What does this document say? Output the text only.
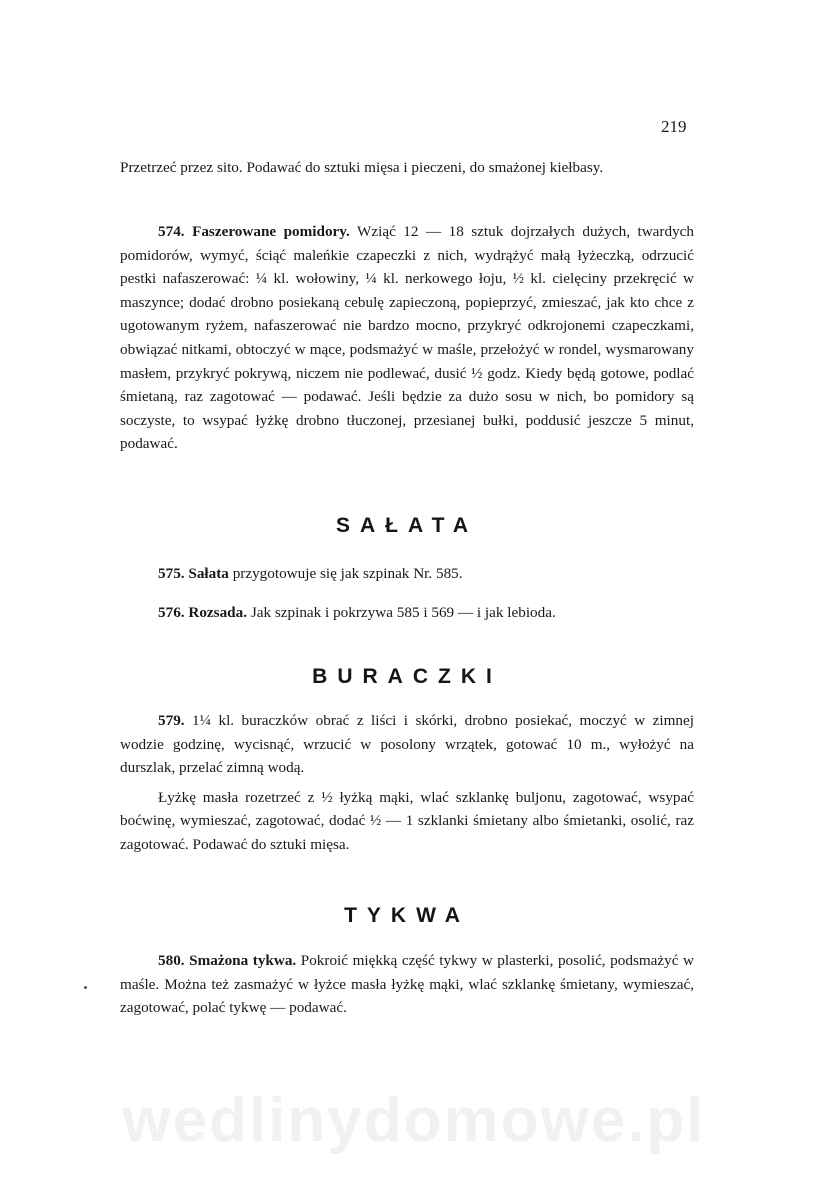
219

Przetrzeć przez sito. Podawać do sztuki mięsa i pieczeni, do smażonej kiełbasy.

574. Faszerowane pomidory. Wziąć 12 — 18 sztuk dojrzałych dużych, twardych pomidorów, wymyć, ściąć maleńkie czapeczki z nich, wydrążyć małą łyżeczką, odrzucić pestki nafaszerować: ¼ kl. wołowiny, ¼ kl. nerkowego łoju, ½ kl. cielęciny przekręcić w maszynce; dodać drobno posiekaną cebulę zapieczoną, popieprzyć, zmieszać, jak kto chce z ugotowanym ryżem, nafaszerować nie bardzo mocno, przykryć odkrojonemi czapeczkami, obwiązać nitkami, obtoczyć w mące, podsmażyć w maśle, przełożyć w rondel, wysmarowany masłem, przykryć pokrywą, niczem nie podlewać, dusić ½ godz. Kiedy będą gotowe, podlać śmietaną, raz zagotować — podawać. Jeśli będzie za dużo sosu w nich, bo pomidory są soczyste, to wsypać łyżkę drobno tłuczonej, przesianej bułki, poddusić jeszcze 5 minut, podawać.

SAŁATA

575. Sałata przygotowuje się jak szpinak Nr. 585.

576. Rozsada. Jak szpinak i pokrzywa 585 i 569 — i jak lebioda.

BURACZKI

579. 1¼ kl. buraczków obrać z liści i skórki, drobno posiekać, moczyć w zimnej wodzie godzinę, wycisnąć, wrzucić w posolony wrzątek, gotować 10 m., wyłożyć na durszlak, przelać zimną wodą.

Łyżkę masła rozetrzeć z ½ łyżką mąki, wlać szklankę buljonu, zagotować, wsypać boćwinę, wymieszać, zagotować, dodać ½ — 1 szklanki śmietany albo śmietanki, osolić, raz zagotować. Podawać do sztuki mięsa.

TYKWA

580. Smażona tykwa. Pokroić miękką część tykwy w plasterki, posolić, podsmażyć w maśle. Można też zasmażyć w łyżce masła łyżkę mąki, wlać szklankę śmietany, wymieszać, zagotować, polać tykwę — podawać.

wedlinydomowe.pl
